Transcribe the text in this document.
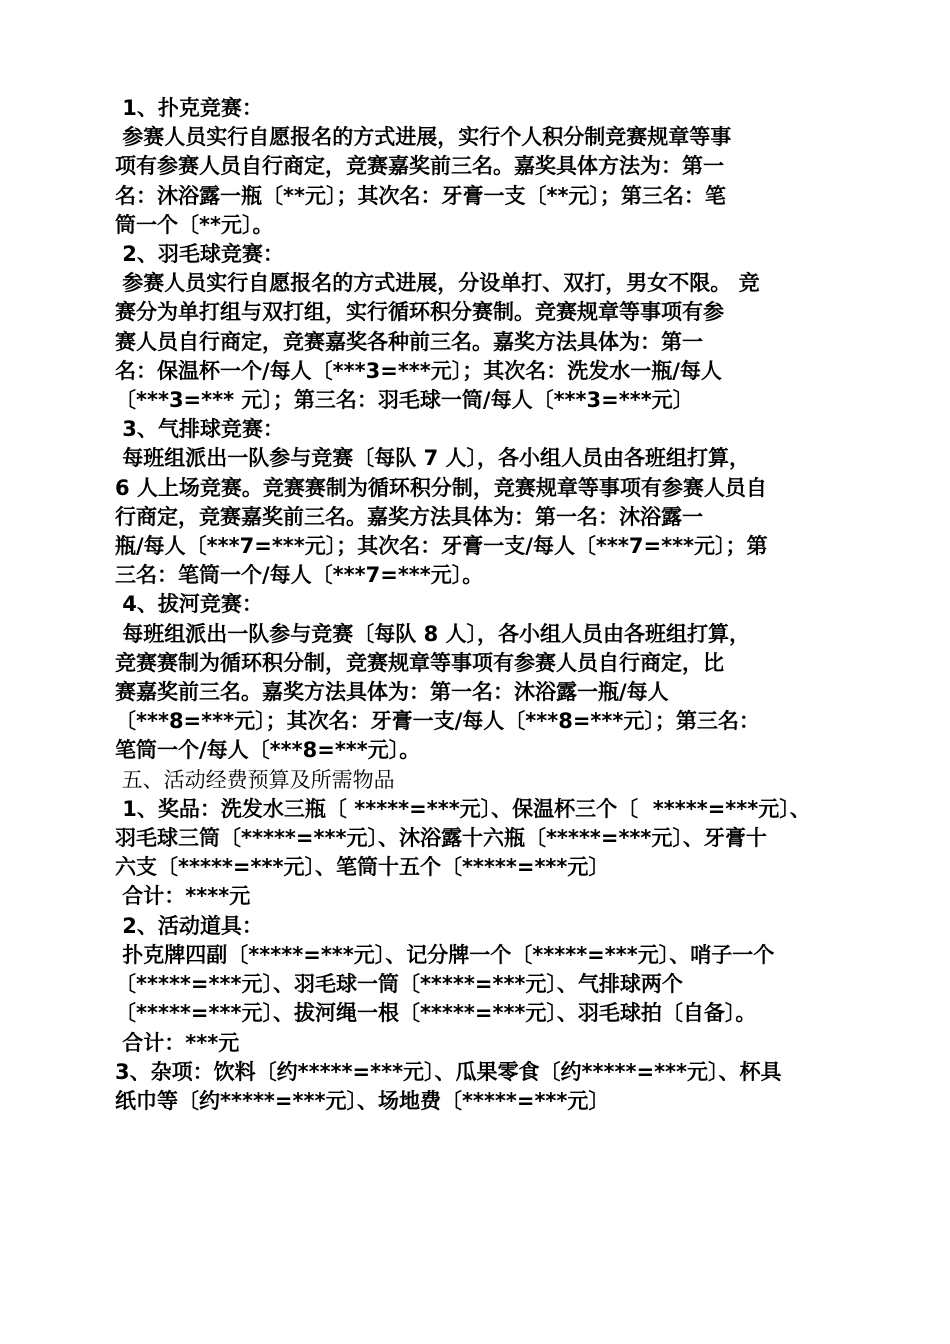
1、扑克竞赛：
参赛人员实行自愿报名的方式进展，实行个人积分制竞赛规章等事
项有参赛人员自行商定，竞赛嘉奖前三名。嘉奖具体方法为：第一
名：沐浴露一瓶〔**元〕；其次名：牙膏一支〔**元〕；第三名：笔
筒一个〔**元〕。
2、羽毛球竞赛：
参赛人员实行自愿报名的方式进展，分设单打、双打，男女不限。 竞
赛分为单打组与双打组，实行循环积分赛制。竞赛规章等事项有参
赛人员自行商定，竞赛嘉奖各种前三名。嘉奖方法具体为：第一
名：保温杯一个/每人〔***3=***元〕；其次名：洗发水一瓶/每人
〔***3=*** 元〕；第三名：羽毛球一筒/每人〔***3=***元〕
3、气排球竞赛：
每班组派出一队参与竞赛〔每队 7 人〕，各小组人员由各班组打算，
6 人上场竞赛。竞赛赛制为循环积分制，竞赛规章等事项有参赛人员自
行商定，竞赛嘉奖前三名。嘉奖方法具体为：第一名：沐浴露一
瓶/每人〔***7=***元〕；其次名：牙膏一支/每人〔***7=***元〕；第
三名：笔筒一个/每人〔***7=***元〕。
4、拔河竞赛：
每班组派出一队参与竞赛〔每队 8 人〕，各小组人员由各班组打算，
竞赛赛制为循环积分制，竞赛规章等事项有参赛人员自行商定，比
赛嘉奖前三名。嘉奖方法具体为：第一名：沐浴露一瓶/每人
〔***8=***元〕；其次名：牙膏一支/每人〔***8=***元〕；第三名：
笔筒一个/每人〔***8=***元〕。
五、活动经费预算及所需物品
1、奖品：洗发水三瓶〔 *****=***元〕、保温杯三个〔  *****=***元〕、
羽毛球三筒〔*****=***元〕、沐浴露十六瓶〔*****=***元〕、牙膏十
六支〔*****=***元〕、笔筒十五个〔*****=***元〕
合计：****元
2、活动道具：
扑克牌四副〔*****=***元〕、记分牌一个〔*****=***元〕、哨子一个
〔*****=***元〕、羽毛球一筒〔*****=***元〕、气排球两个
〔*****=***元〕、拔河绳一根〔*****=***元〕、羽毛球拍〔自备〕。
合计：***元
3、杂项：饮料〔约*****=***元〕、瓜果零食〔约*****=***元〕、杯具
纸巾等〔约*****=***元〕、场地费〔*****=***元〕
